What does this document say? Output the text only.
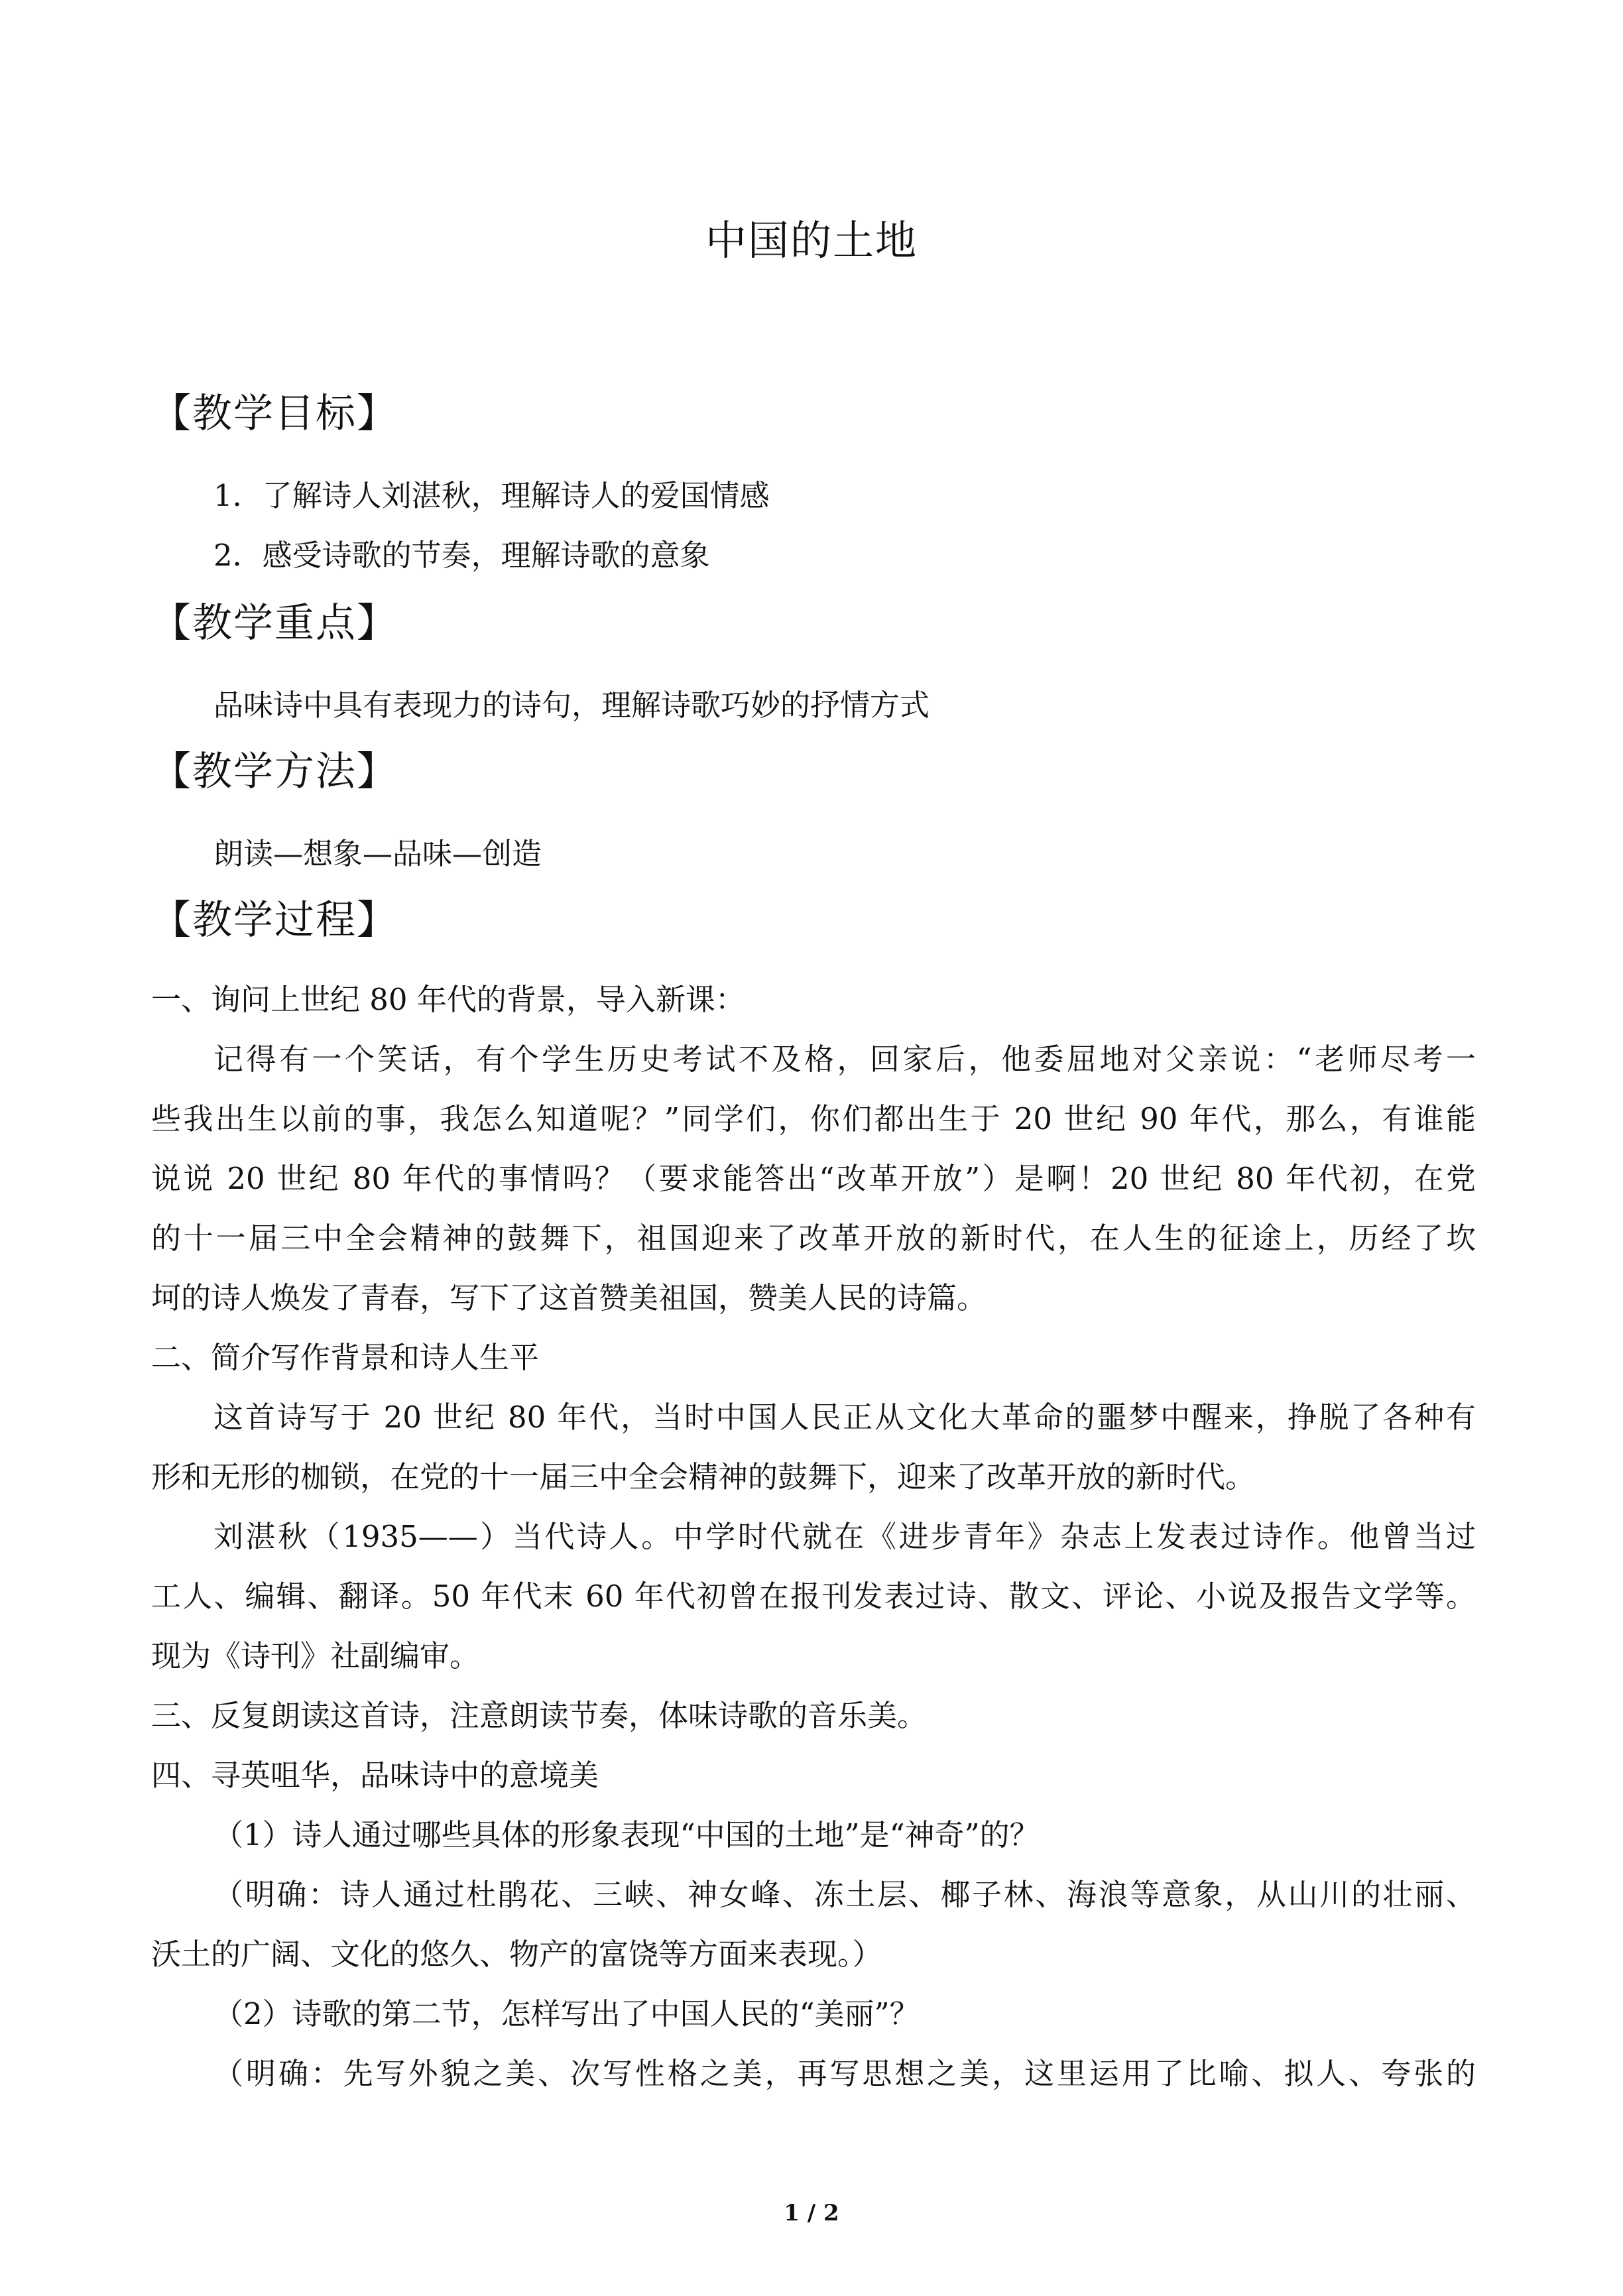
中国的土地
【教学目标】
1．了解诗人刘湛秋，理解诗人的爱国情感
2．感受诗歌的节奏，理解诗歌的意象
【教学重点】
品味诗中具有表现力的诗句，理解诗歌巧妙的抒情方式
【教学方法】
朗读—想象—品味—创造
【教学过程】
一、询问上世纪 80 年代的背景，导入新课：
记得有一个笑话，有个学生历史考试不及格，回家后，他委屈地对父亲说：“老师尽考一
些我出生以前的事，我怎么知道呢？”同学们，你们都出生于 20 世纪 90 年代，那么，有谁能
说说 20 世纪 80 年代的事情吗？（要求能答出“改革开放”）是啊！20 世纪 80 年代初，在党
的十一届三中全会精神的鼓舞下，祖国迎来了改革开放的新时代，在人生的征途上，历经了坎
坷的诗人焕发了青春，写下了这首赞美祖国，赞美人民的诗篇。
二、简介写作背景和诗人生平
这首诗写于 20 世纪 80 年代，当时中国人民正从文化大革命的噩梦中醒来，挣脱了各种有
形和无形的枷锁，在党的十一届三中全会精神的鼓舞下，迎来了改革开放的新时代。
刘湛秋（1935——）当代诗人。中学时代就在《进步青年》杂志上发表过诗作。他曾当过
工人、编辑、翻译。50 年代末 60 年代初曾在报刊发表过诗、散文、评论、小说及报告文学等。
现为《诗刊》社副编审。
三、反复朗读这首诗，注意朗读节奏，体味诗歌的音乐美。
四、寻英咀华，品味诗中的意境美
（1）诗人通过哪些具体的形象表现“中国的土地”是“神奇”的？
（明确：诗人通过杜鹃花、三峡、神女峰、冻土层、椰子林、海浪等意象，从山川的壮丽、
沃土的广阔、文化的悠久、物产的富饶等方面来表现。）
（2）诗歌的第二节，怎样写出了中国人民的“美丽”？
（明确：先写外貌之美、次写性格之美，再写思想之美，这里运用了比喻、拟人、夸张的
1 / 2
